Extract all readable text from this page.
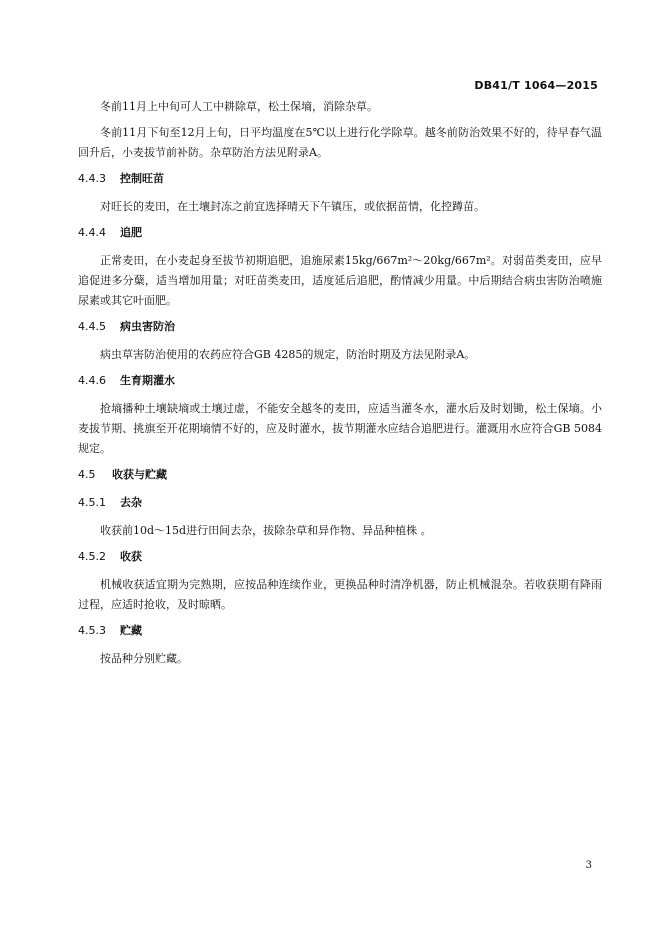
DB41/T 1064—2015

冬前11月上中旬可人工中耕除草，松土保墒，消除杂草。

冬前11月下旬至12月上旬，日平均温度在5℃以上进行化学除草。越冬前防治效果不好的，待早春气温回升后，小麦拔节前补防。杂草防治方法见附录A。

4.4.3 控制旺苗

对旺长的麦田，在土壤封冻之前宜选择晴天下午镇压，或依据苗情，化控蹲苗。

4.4.4 追肥

正常麦田，在小麦起身至拔节初期追肥，追施尿素15kg/667m²～20kg/667m²。对弱苗类麦田，应早追促进多分蘖，适当增加用量；对旺苗类麦田，适度延后追肥，酌情减少用量。中后期结合病虫害防治喷施尿素或其它叶面肥。

4.4.5 病虫害防治

病虫草害防治使用的农药应符合GB 4285的规定，防治时期及方法见附录A。

4.4.6 生育期灌水

抢墒播种土壤缺墒或土壤过虚，不能安全越冬的麦田，应适当灌冬水，灌水后及时划锄，松土保墒。小麦拔节期、挑旗至开花期墒情不好的，应及时灌水，拔节期灌水应结合追肥进行。灌溉用水应符合GB 5084规定。

4.5 收获与贮藏
4.5.1 去杂

收获前10d～15d进行田间去杂，拔除杂草和异作物、异品种植株 。

4.5.2 收获

机械收获适宜期为完熟期，应按品种连续作业，更换品种时清净机器，防止机械混杂。若收获期有降雨过程，应适时抢收，及时晾晒。

4.5.3 贮藏

按品种分别贮藏。

3
